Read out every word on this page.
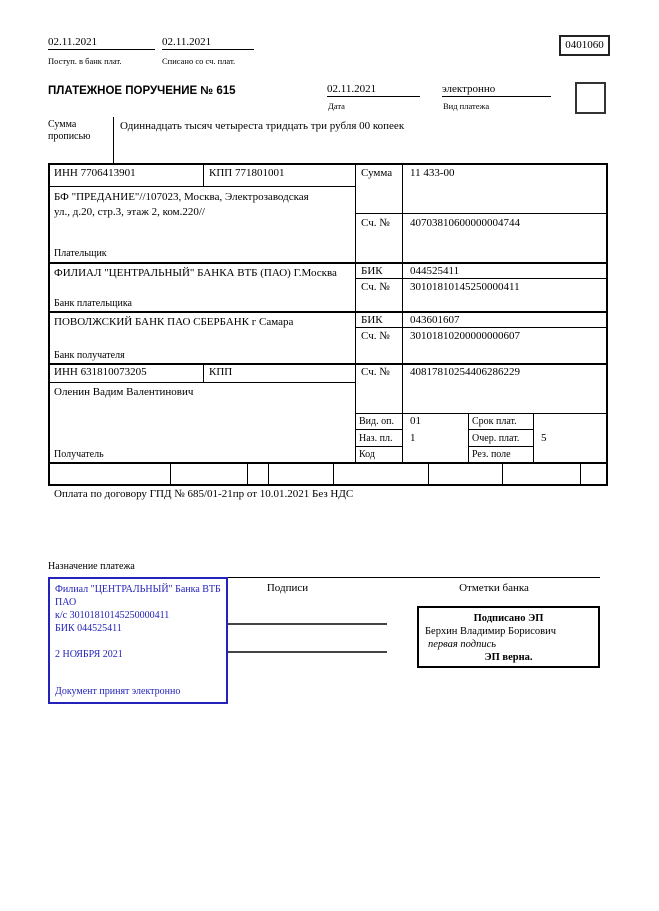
02.11.2021
Поступ. в банк плат.
02.11.2021
Списано со сч. плат.
0401060
ПЛАТЕЖНОЕ ПОРУЧЕНИЕ № 615	02.11.2021
Дата
электронно
Вид платежа
Сумма прописью
Одиннадцать тысяч четыреста тридцать три рубля 00 копеек
ИНН 7706413901	КПП 771801001	Сумма 11 433-00
БФ "ПРЕДАНИЕ"//107023, Москва, Электрозаводская ул., д.20, стр.3, этаж 2, ком.220//
Плательщик
Сч. № 40703810600000004744
ФИЛИАЛ "ЦЕНТРАЛЬНЫЙ" БАНКА ВТБ (ПАО) Г.Москва
Банк плательщика
БИК 044525411
Сч. № 30101810145250000411
ПОВОЛЖСКИЙ БАНК ПАО СБЕРБАНК г Самара
Банк получателя
БИК 043601607
Сч. № 30101810200000000607
ИНН 631810073205	КПП
Оленин Вадим Валентинович
Получатель
Сч. № 40817810254406286229
Вид. оп. 01	Срок плат.
Наз. пл. 1	Очер. плат. 5
Код	Рез. поле
Оплата по договору ГПД № 685/01-21пр от 10.01.2021 Без НДС
Назначение платежа
Филиал "ЦЕНТРАЛЬНЫЙ" Банка ВТБ ПАО
к/с 30101810145250000411
БИК 044525411
2 НОЯБРЯ 2021
Документ принят электронно
Подписи	Отметки банка
Подписано ЭП
Берхин Владимир Борисович
первая подпись
ЭП верна.
